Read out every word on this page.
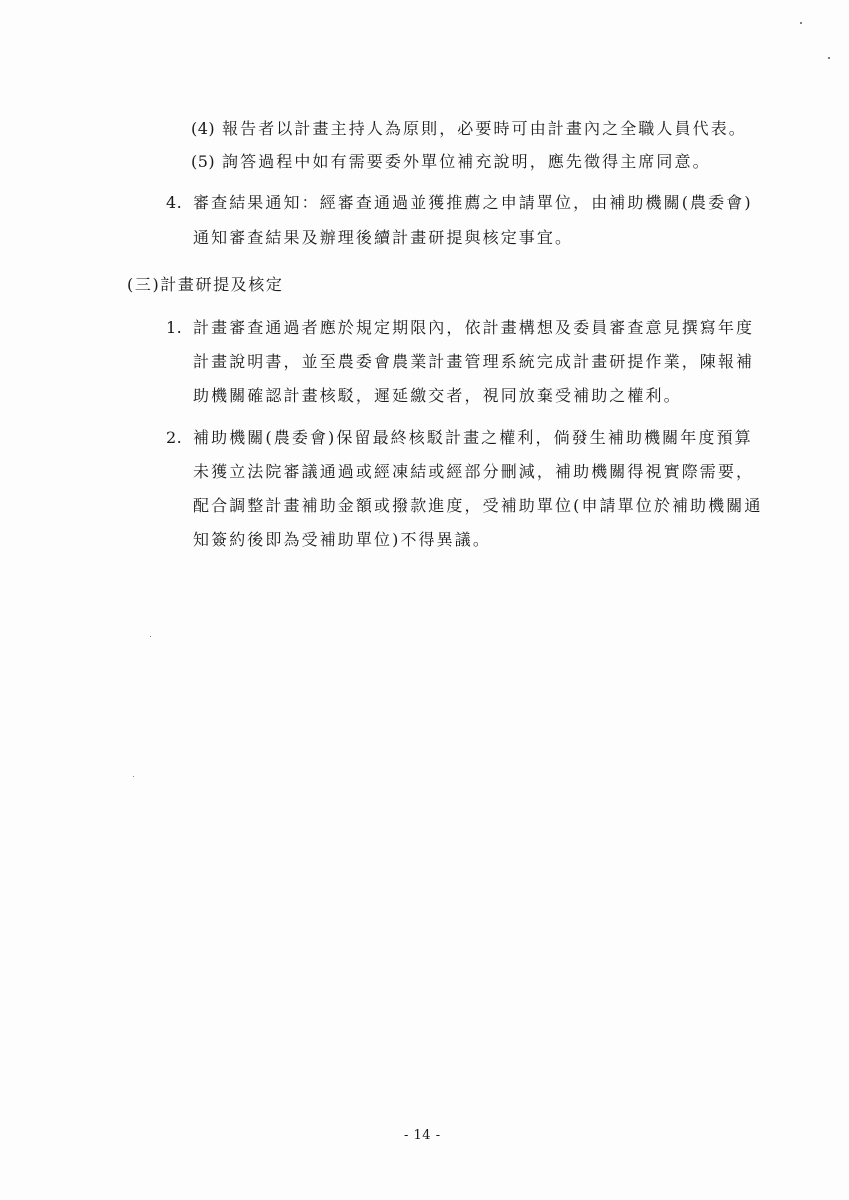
(4) 報告者以計畫主持人為原則，必要時可由計畫內之全職人員代表。
(5) 詢答過程中如有需要委外單位補充說明，應先徵得主席同意。
4. 審查結果通知：經審查通過並獲推薦之申請單位，由補助機關(農委會)
通知審查結果及辦理後續計畫研提與核定事宜。
(三)計畫研提及核定
1. 計畫審查通過者應於規定期限內，依計畫構想及委員審查意見撰寫年度
計畫說明書，並至農委會農業計畫管理系統完成計畫研提作業，陳報補
助機關確認計畫核駁，遲延繳交者，視同放棄受補助之權利。
2. 補助機關(農委會)保留最終核駁計畫之權利，倘發生補助機關年度預算
未獲立法院審議通過或經凍結或經部分刪減，補助機關得視實際需要，
配合調整計畫補助金額或撥款進度，受補助單位(申請單位於補助機關通
知簽約後即為受補助單位)不得異議。
- 14 -
